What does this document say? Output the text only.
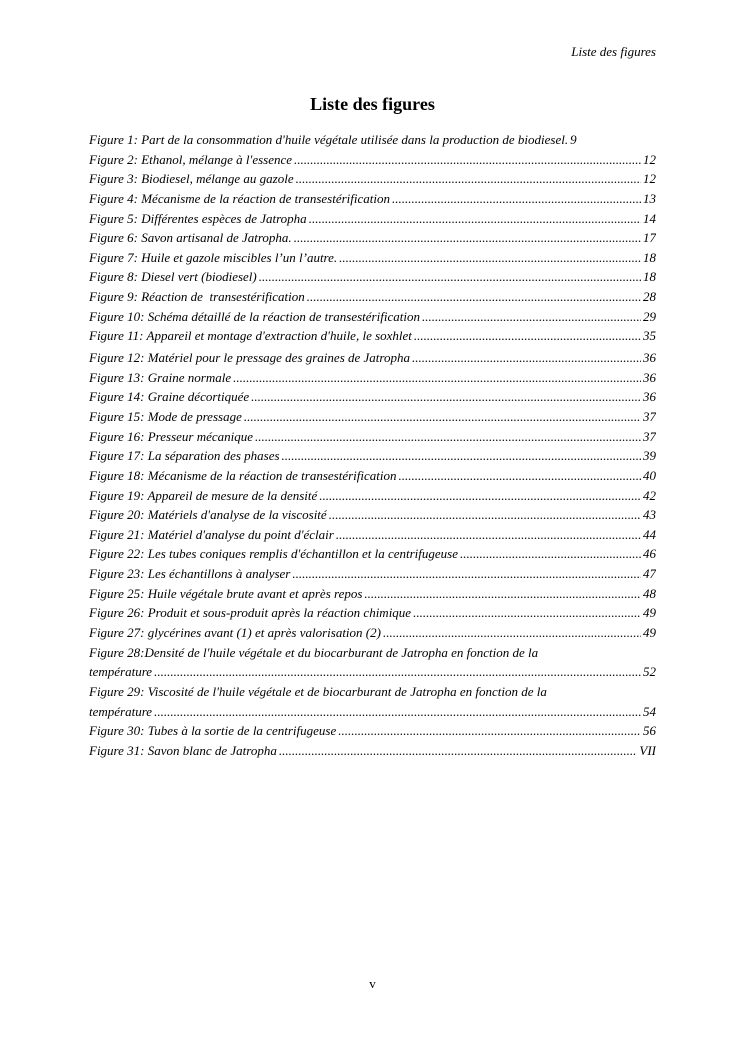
Liste des figures
Liste des figures
Figure 1: Part de la consommation d'huile végétale utilisée dans la production de biodiesel . 9
Figure 2: Ethanol, mélange à l'essence .....	12
Figure 3: Biodiesel, mélange au gazole .....	12
Figure 4: Mécanisme de la réaction de transestérification .....	13
Figure 5: Différentes espèces de Jatropha .....	14
Figure 6: Savon artisanal de Jatropha. .....	17
Figure 7: Huile et gazole miscibles l’un l’autre. .....	18
Figure 8: Diesel vert (biodiesel) .....	18
Figure 9: Réaction de  transestérification .....	28
Figure 10: Schéma détaillé de la réaction de transestérification .....	29
Figure 11: Appareil et montage d'extraction d'huile, le soxhlet .....	35
Figure 12: Matériel pour le pressage des graines de Jatropha .....	36
Figure 13: Graine normale .....	36
Figure 14: Graine décortiquée .....	36
Figure 15: Mode de pressage .....	37
Figure 16: Presseur mécanique .....	37
Figure 17: La séparation des phases .....	39
Figure 18: Mécanisme de la réaction de transestérification .....	40
Figure 19: Appareil de mesure de la densité .....	42
Figure 20: Matériels d'analyse de la viscosité .....	43
Figure 21: Matériel d'analyse du point d'éclair .....	44
Figure 22: Les tubes coniques remplis d'échantillon et la centrifugeuse .....	46
Figure 23: Les échantillons à analyser .....	47
Figure 25: Huile végétale brute avant et après repos .....	48
Figure 26: Produit et sous-produit après la réaction chimique .....	49
Figure 27: glycérines avant (1) et après valorisation (2) .....	49
Figure 28:Densité de l'huile végétale et du biocarburant de Jatropha en fonction de la
température .....	52
Figure 29: Viscosité de l'huile végétale et de biocarburant de Jatropha en fonction de la
température .....	54
Figure 30: Tubes à la sortie de la centrifugeuse .....	56
Figure 31: Savon blanc de Jatropha .....	VII
v
